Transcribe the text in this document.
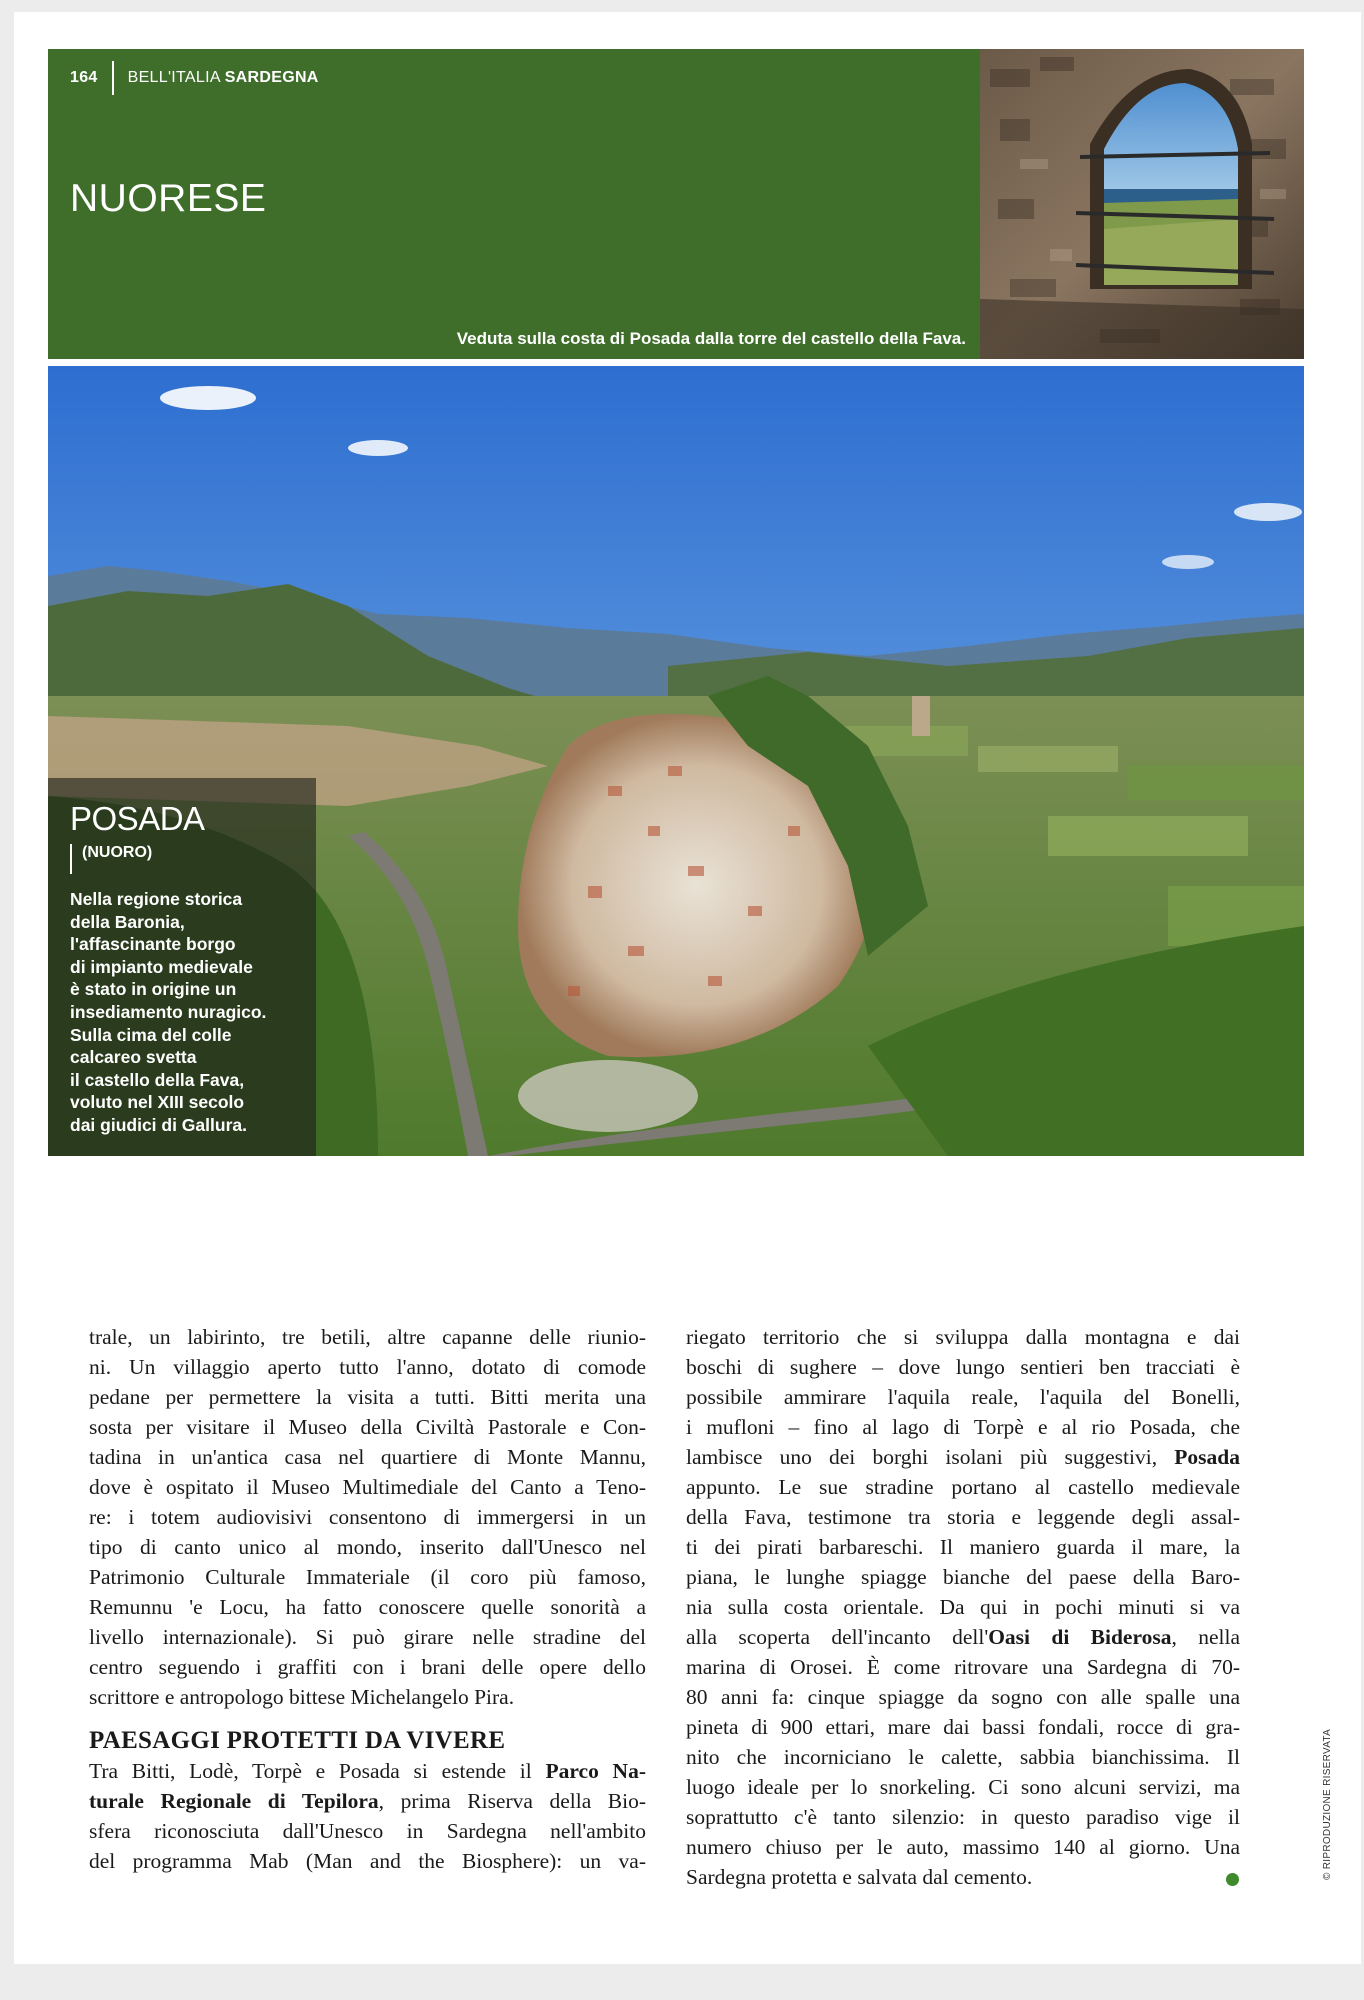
164	BELL'ITALIA SARDEGNA
NUORESE
Veduta sulla costa di Posada dalla torre del castello della Fava.
POSADA
(NUORO)
Nella regione storica
della Baronia,
l'affascinante borgo
di impianto medievale
è stato in origine un
insediamento nuragico.
Sulla cima del colle
calcareo svetta
il castello della Fava,
voluto nel XIII secolo
dai giudici di Gallura.
trale, un labirinto, tre betili, altre capanne delle riunio-
ni. Un villaggio aperto tutto l'anno, dotato di comode
pedane per permettere la visita a tutti. Bitti merita una
sosta per visitare il Museo della Civiltà Pastorale e Con-
tadina in un'antica casa nel quartiere di Monte Mannu,
dove è ospitato il Museo Multimediale del Canto a Teno-
re: i totem audiovisivi consentono di immergersi in un
tipo di canto unico al mondo, inserito dall'Unesco nel
Patrimonio Culturale Immateriale (il coro più famoso,
Remunnu 'e Locu, ha fatto conoscere quelle sonorità a
livello internazionale). Si può girare nelle stradine del
centro seguendo i graffiti con i brani delle opere dello
scrittore e antropologo bittese Michelangelo Pira.
PAESAGGI PROTETTI DA VIVERE
Tra Bitti, Lodè, Torpè e Posada si estende il Parco Na-
turale Regionale di Tepilora, prima Riserva della Bio-
sfera riconosciuta dall'Unesco in Sardegna nell'ambito
del programma Mab (Man and the Biosphere): un va-
riegato territorio che si sviluppa dalla montagna e dai
boschi di sughere – dove lungo sentieri ben tracciati è
possibile ammirare l'aquila reale, l'aquila del Bonelli,
i mufloni – fino al lago di Torpè e al rio Posada, che
lambisce uno dei borghi isolani più suggestivi, Posada
appunto. Le sue stradine portano al castello medievale
della Fava, testimone tra storia e leggende degli assal-
ti dei pirati barbareschi. Il maniero guarda il mare, la
piana, le lunghe spiagge bianche del paese della Baro-
nia sulla costa orientale. Da qui in pochi minuti si va
alla scoperta dell'incanto dell'Oasi di Biderosa, nella
marina di Orosei. È come ritrovare una Sardegna di 70-
80 anni fa: cinque spiagge da sogno con alle spalle una
pineta di 900 ettari, mare dai bassi fondali, rocce di gra-
nito che incorniciano le calette, sabbia bianchissima. Il
luogo ideale per lo snorkeling. Ci sono alcuni servizi, ma
soprattutto c'è tanto silenzio: in questo paradiso vige il
numero chiuso per le auto, massimo 140 al giorno. Una
Sardegna protetta e salvata dal cemento.	© RIPRODUZIONE RISERVATA
